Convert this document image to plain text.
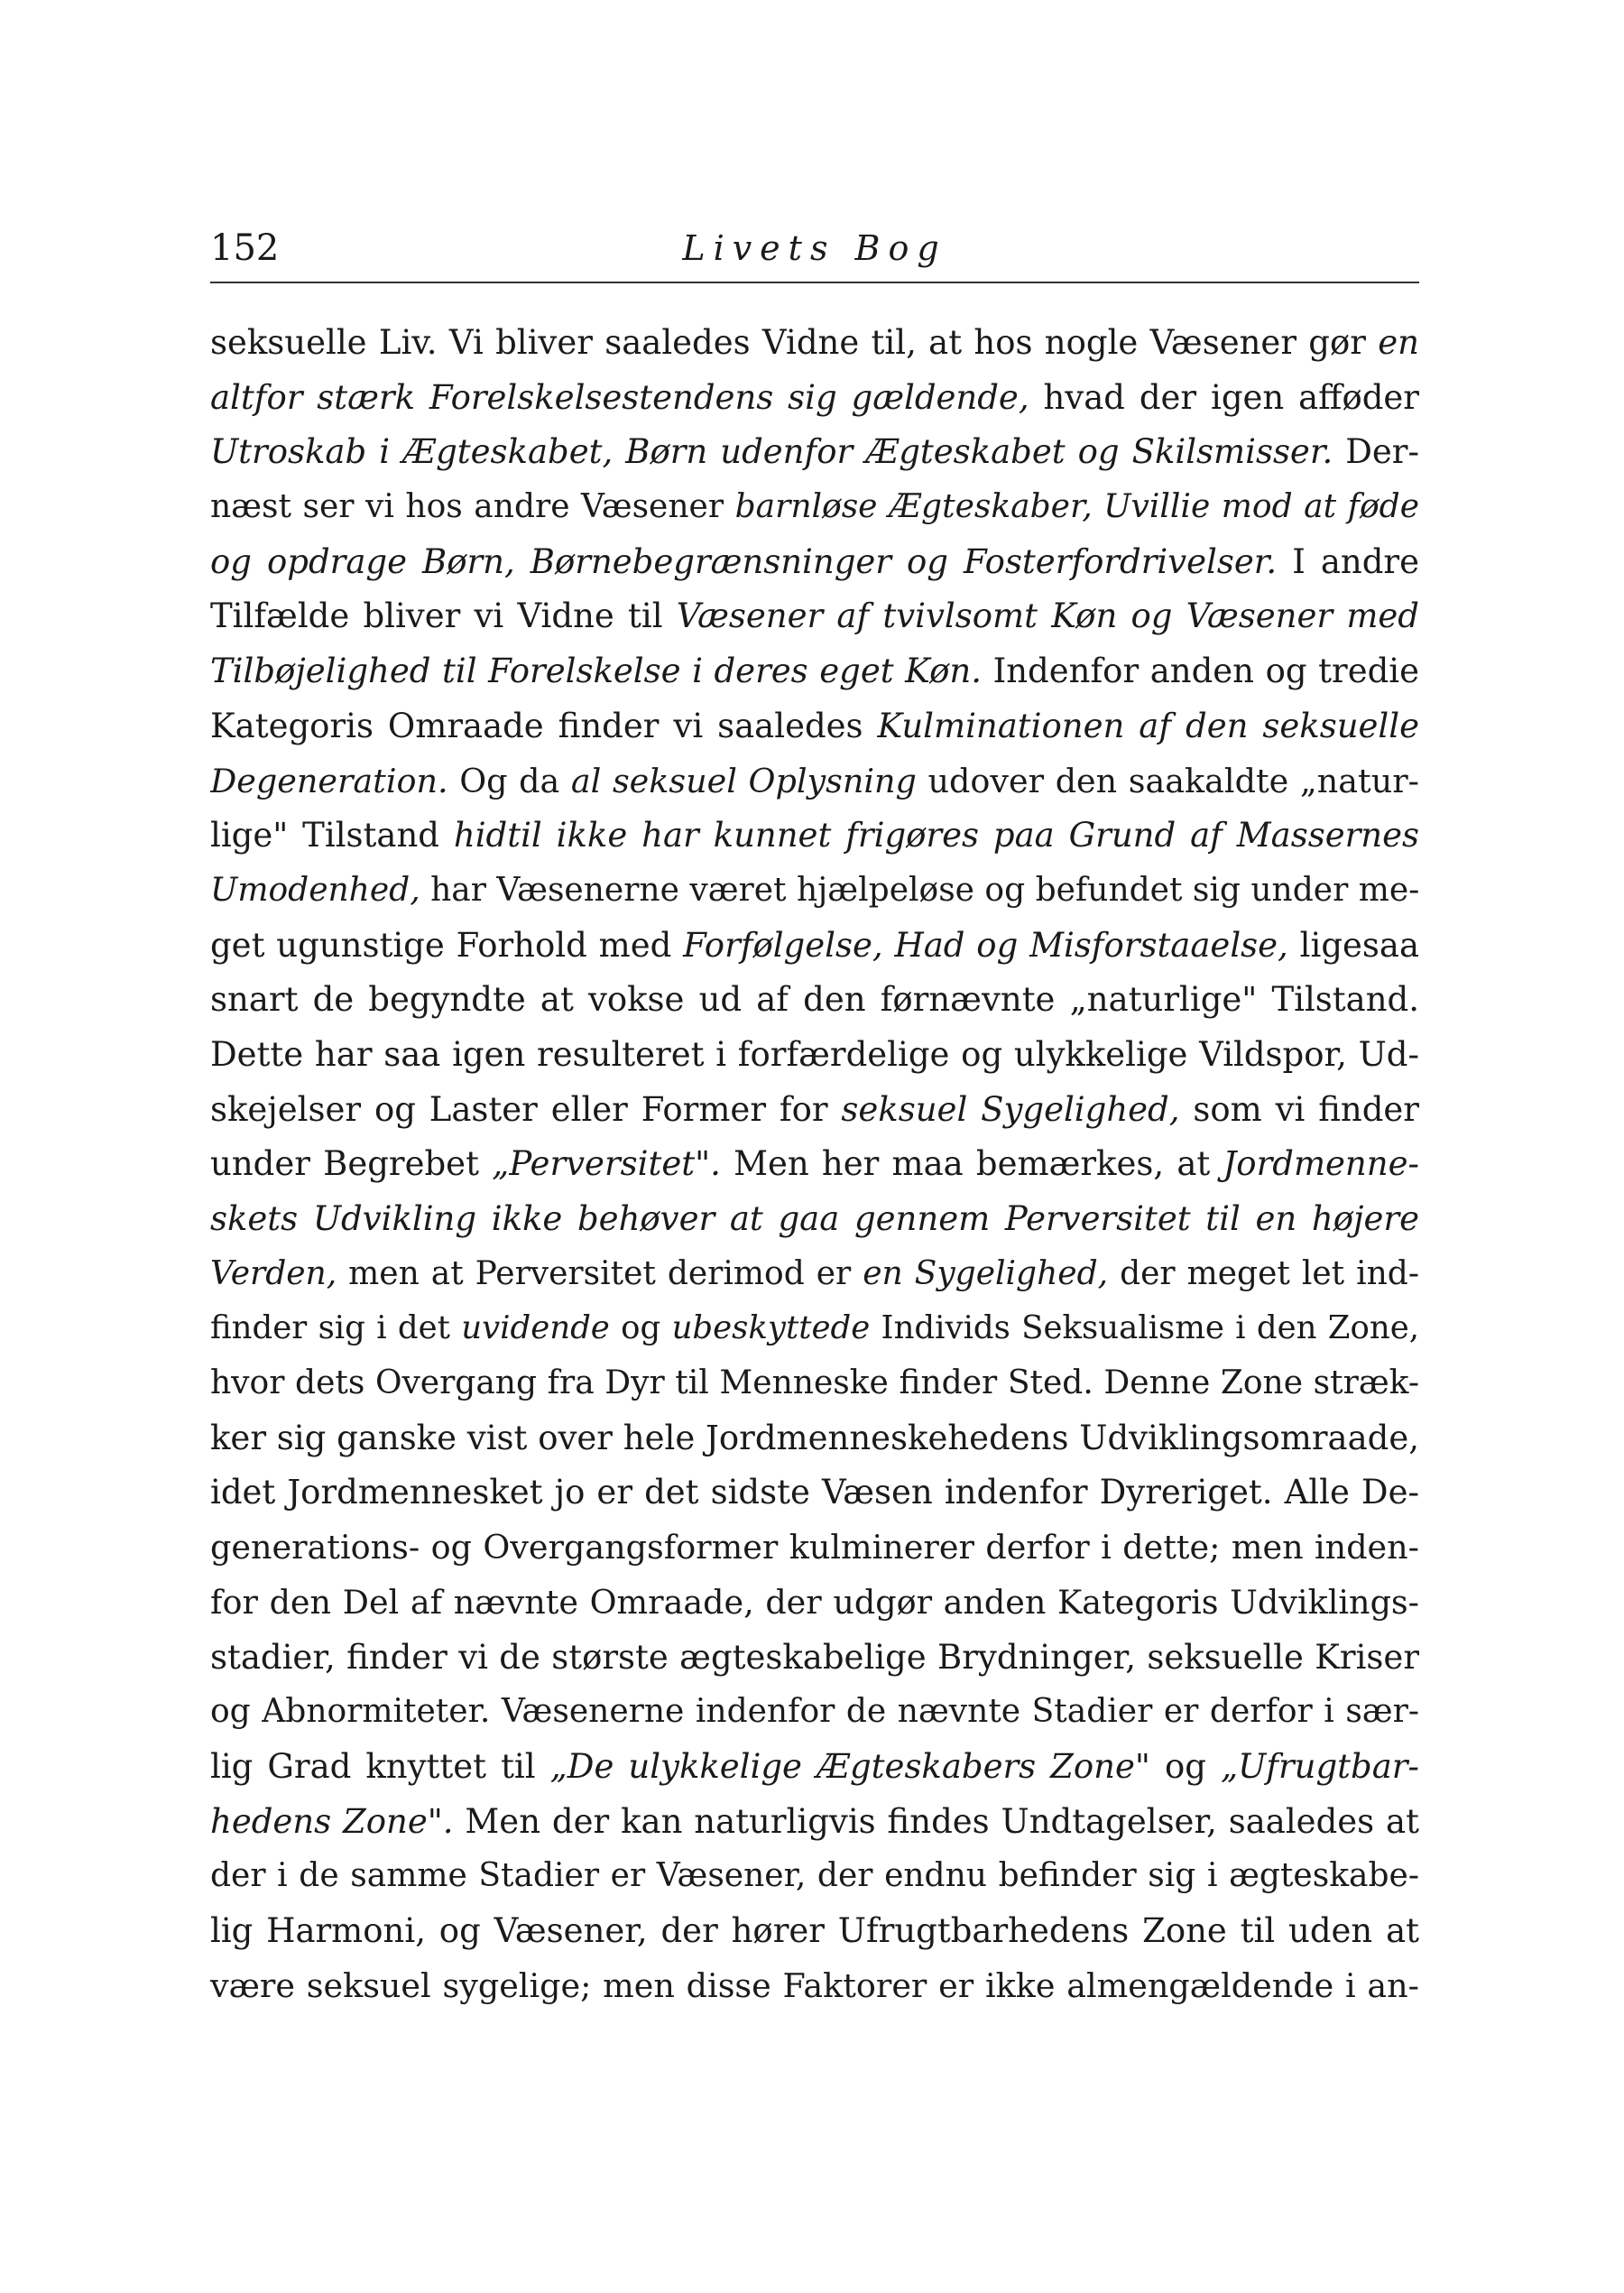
152	Livets Bog
seksuelle Liv. Vi bliver saaledes Vidne til, at hos nogle Væsener gør en
altfor stærk Forelskelsestendens sig gældende, hvad der igen afføder
Utroskab i Ægteskabet, Børn udenfor Ægteskabet og Skilsmisser. Der-
næst ser vi hos andre Væsener barnløse Ægteskaber, Uvillie mod at føde
og opdrage Børn, Børnebegrænsninger og Fosterfordrivelser. I andre
Tilfælde bliver vi Vidne til Væsener af tvivlsomt Køn og Væsener med
Tilbøjelighed til Forelskelse i deres eget Køn. Indenfor anden og tredie
Kategoris Omraade finder vi saaledes Kulminationen af den seksuelle
Degeneration. Og da al seksuel Oplysning udover den saakaldte „natur-
lige" Tilstand hidtil ikke har kunnet frigøres paa Grund af Massernes
Umodenhed, har Væsenerne været hjælpeløse og befundet sig under me-
get ugunstige Forhold med Forfølgelse, Had og Misforstaaelse, ligesaa
snart de begyndte at vokse ud af den førnævnte „naturlige" Tilstand.
Dette har saa igen resulteret i forfærdelige og ulykkelige Vildspor, Ud-
skejelser og Laster eller Former for seksuel Sygelighed, som vi finder
under Begrebet „Perversitet". Men her maa bemærkes, at Jordmenne-
skets Udvikling ikke behøver at gaa gennem Perversitet til en højere
Verden, men at Perversitet derimod er en Sygelighed, der meget let ind-
finder sig i det uvidende og ubeskyttede Individs Seksualisme i den Zone,
hvor dets Overgang fra Dyr til Menneske finder Sted. Denne Zone stræk-
ker sig ganske vist over hele Jordmenneskehedens Udviklingsomraade,
idet Jordmennesket jo er det sidste Væsen indenfor Dyreriget. Alle De-
generations- og Overgangsformer kulminerer derfor i dette; men inden-
for den Del af nævnte Omraade, der udgør anden Kategoris Udviklings-
stadier, finder vi de største ægteskabelige Brydninger, seksuelle Kriser
og Abnormiteter. Væsenerne indenfor de nævnte Stadier er derfor i sær-
lig Grad knyttet til „De ulykkelige Ægteskabers Zone" og „Ufrugtbar-
hedens Zone". Men der kan naturligvis findes Undtagelser, saaledes at
der i de samme Stadier er Væsener, der endnu befinder sig i ægteskabe-
lig Harmoni, og Væsener, der hører Ufrugtbarhedens Zone til uden at
være seksuel sygelige; men disse Faktorer er ikke almengældende i an-
